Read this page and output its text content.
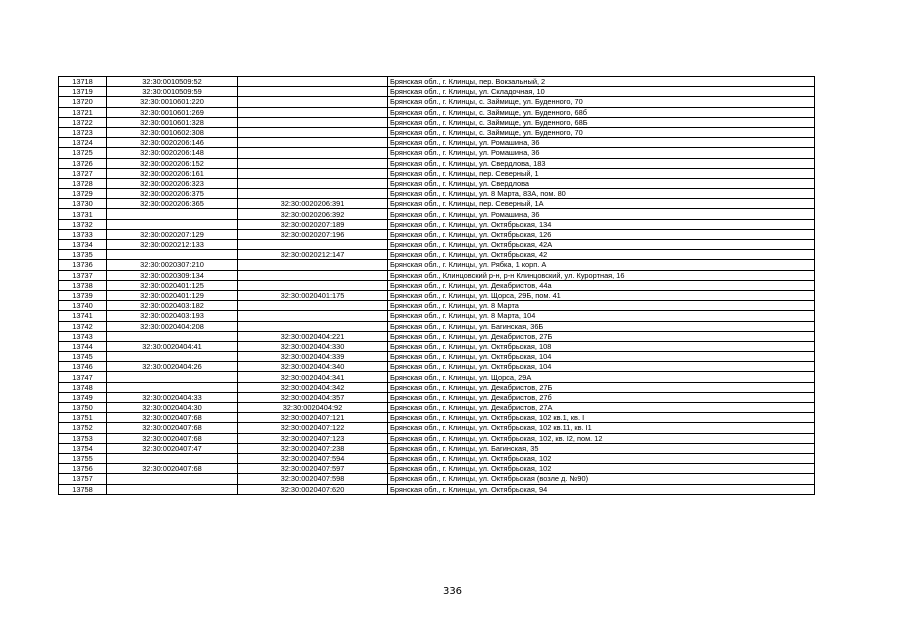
13718	32:30:0010509:52		Брянская обл., г. Клинцы, пер. Вокзальный, 2
13719	32:30:0010509:59		Брянская обл., г. Клинцы, ул. Складочная, 10
13720	32:30:0010601:220		Брянская обл., г. Клинцы, с. Займище, ул. Буденного, 70
13721	32:30:0010601:269		Брянская обл., г. Клинцы, с. Займище, ул. Буденного, 68б
13722	32:30:0010601:328		Брянская обл., г. Клинцы, с. Займище, ул. Буденного, 68Б
13723	32:30:0010602:308		Брянская обл., г. Клинцы, с. Займище, ул. Буденного, 70
13724	32:30:0020206:146		Брянская обл., г. Клинцы, ул. Ромашина, 36
13725	32:30:0020206:148		Брянская обл., г. Клинцы, ул. Ромашина, 36
13726	32:30:0020206:152		Брянская обл., г. Клинцы, ул. Свердлова, 183
13727	32:30:0020206:161		Брянская обл., г. Клинцы, пер. Северный, 1
13728	32:30:0020206:323		Брянская обл., г. Клинцы, ул. Свердлова
13729	32:30:0020206:375		Брянская обл., г. Клинцы, ул. 8 Марта, 83А, пом. 80
13730	32:30:0020206:365	32:30:0020206:391	Брянская обл., г. Клинцы, пер. Северный, 1А
13731		32:30:0020206:392	Брянская обл., г. Клинцы, ул. Ромашина, 36
13732		32:30:0020207:189	Брянская обл., г. Клинцы, ул. Октябрьская, 134
13733	32:30:0020207:129	32:30:0020207:196	Брянская обл., г. Клинцы, ул. Октябрьская, 126
13734	32:30:0020212:133		Брянская обл., г. Клинцы, ул. Октябрьская, 42А
13735		32:30:0020212:147	Брянская обл., г. Клинцы, ул. Октябрьская, 42
13736	32:30:0020307:210		Брянская обл., г. Клинцы, ул. Рябка, 1 корп. А
13737	32:30:0020309:134		Брянская обл., Клинцовский р-н, р-н Клинцовский, ул. Курортная, 16
13738	32:30:0020401:125		Брянская обл., г. Клинцы, ул. Декабристов, 44а
13739	32:30:0020401:129	32:30:0020401:175	Брянская обл., г. Клинцы, ул. Щорса, 29Б, пом. 41
13740	32:30:0020403:182		Брянская обл., г. Клинцы, ул. 8 Марта
13741	32:30:0020403:193		Брянская обл., г. Клинцы, ул. 8 Марта, 104
13742	32:30:0020404:208		Брянская обл., г. Клинцы, ул. Багинская, 36Б
13743		32:30:0020404:221	Брянская обл., г. Клинцы, ул. Декабристов, 27Б
13744	32:30:0020404:41	32:30:0020404:330	Брянская обл., г. Клинцы, ул. Октябрьская, 108
13745		32:30:0020404:339	Брянская обл., г. Клинцы, ул. Октябрьская, 104
13746	32:30:0020404:26	32:30:0020404:340	Брянская обл., г. Клинцы, ул. Октябрьская, 104
13747		32:30:0020404:341	Брянская обл., г. Клинцы, ул. Щорса, 29А
13748		32:30:0020404:342	Брянская обл., г. Клинцы, ул. Декабристов, 27Б
13749	32:30:0020404:33	32:30:0020404:357	Брянская обл., г. Клинцы, ул. Декабристов, 27б
13750	32:30:0020404:30	32:30:0020404:92	Брянская обл., г. Клинцы, ул. Декабристов, 27А
13751	32:30:0020407:68	32:30:0020407:121	Брянская обл., г. Клинцы, ул. Октябрьская, 102 кв.1, кв. I
13752	32:30:0020407:68	32:30:0020407:122	Брянская обл., г. Клинцы, ул. Октябрьская, 102 кв.11, кв. I1
13753	32:30:0020407:68	32:30:0020407:123	Брянская обл., г. Клинцы, ул. Октябрьская, 102, кв. I2, пом. 12
13754	32:30:0020407:47	32:30:0020407:238	Брянская обл., г. Клинцы, ул. Багинская, 35
13755		32:30:0020407:594	Брянская обл., г. Клинцы, ул. Октябрьская, 102
13756	32:30:0020407:68	32:30:0020407:597	Брянская обл., г. Клинцы, ул. Октябрьская, 102
13757		32:30:0020407:598	Брянская обл., г. Клинцы, ул. Октябрьская (возле д. №90)
13758		32:30:0020407:620	Брянская обл., г. Клинцы, ул. Октябрьская, 94
336
